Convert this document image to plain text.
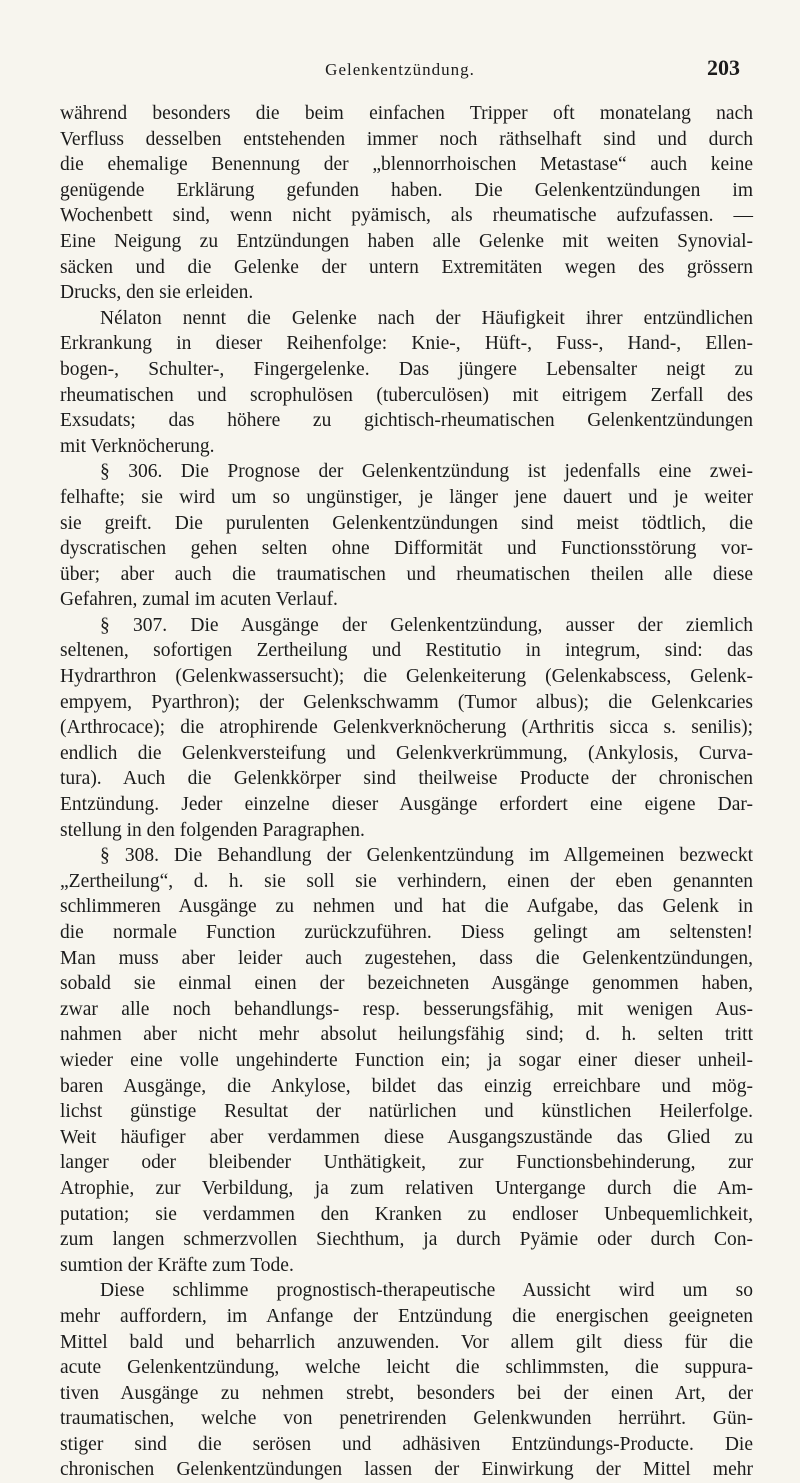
Gelenkentzündung.	203
während besonders die beim einfachen Tripper oft monatelang nach
Verfluss desselben entstehenden immer noch räthselhaft sind und durch
die ehemalige Benennung der „blennorrhoischen Metastase“ auch keine
genügende Erklärung gefunden haben. Die Gelenkentzündungen im
Wochenbett sind, wenn nicht pyämisch, als rheumatische aufzufassen. —
Eine Neigung zu Entzündungen haben alle Gelenke mit weiten Synovial-
säcken und die Gelenke der untern Extremitäten wegen des grössern
Drucks, den sie erleiden.
Nélaton nennt die Gelenke nach der Häufigkeit ihrer entzündlichen
Erkrankung in dieser Reihenfolge: Knie-, Hüft-, Fuss-, Hand-, Ellen-
bogen-, Schulter-, Fingergelenke. Das jüngere Lebensalter neigt zu
rheumatischen und scrophulösen (tuberculösen) mit eitrigem Zerfall des
Exsudats; das höhere zu gichtisch-rheumatischen Gelenkentzündungen
mit Verknöcherung.
§ 306. Die Prognose der Gelenkentzündung ist jedenfalls eine zwei-
felhafte; sie wird um so ungünstiger, je länger jene dauert und je weiter
sie greift. Die purulenten Gelenkentzündungen sind meist tödtlich, die
dyscratischen gehen selten ohne Difformität und Functionsstörung vor-
über; aber auch die traumatischen und rheumatischen theilen alle diese
Gefahren, zumal im acuten Verlauf.
§ 307. Die Ausgänge der Gelenkentzündung, ausser der ziemlich
seltenen, sofortigen Zertheilung und Restitutio in integrum, sind: das
Hydrarthron (Gelenkwassersucht); die Gelenkeiterung (Gelenkabscess, Gelenk-
empyem, Pyarthron); der Gelenkschwamm (Tumor albus); die Gelenkcaries
(Arthrocace); die atrophirende Gelenkverknöcherung (Arthritis sicca s. senilis);
endlich die Gelenkversteifung und Gelenkverkrümmung, (Ankylosis, Curva-
tura). Auch die Gelenkkörper sind theilweise Producte der chronischen
Entzündung. Jeder einzelne dieser Ausgänge erfordert eine eigene Dar-
stellung in den folgenden Paragraphen.
§ 308. Die Behandlung der Gelenkentzündung im Allgemeinen bezweckt
„Zertheilung“, d. h. sie soll sie verhindern, einen der eben genannten
schlimmeren Ausgänge zu nehmen und hat die Aufgabe, das Gelenk in
die normale Function zurückzuführen. Diess gelingt am seltensten!
Man muss aber leider auch zugestehen, dass die Gelenkentzündungen,
sobald sie einmal einen der bezeichneten Ausgänge genommen haben,
zwar alle noch behandlungs- resp. besserungsfähig, mit wenigen Aus-
nahmen aber nicht mehr absolut heilungsfähig sind; d. h. selten tritt
wieder eine volle ungehinderte Function ein; ja sogar einer dieser unheil-
baren Ausgänge, die Ankylose, bildet das einzig erreichbare und mög-
lichst günstige Resultat der natürlichen und künstlichen Heilerfolge.
Weit häufiger aber verdammen diese Ausgangszustände das Glied zu
langer oder bleibender Unthätigkeit, zur Functionsbehinderung, zur
Atrophie, zur Verbildung, ja zum relativen Untergange durch die Am-
putation; sie verdammen den Kranken zu endloser Unbequemlichkeit,
zum langen schmerzvollen Siechthum, ja durch Pyämie oder durch Con-
sumtion der Kräfte zum Tode.
Diese schlimme prognostisch-therapeutische Aussicht wird um so
mehr auffordern, im Anfange der Entzündung die energischen geeigneten
Mittel bald und beharrlich anzuwenden. Vor allem gilt diess für die
acute Gelenkentzündung, welche leicht die schlimmsten, die suppura-
tiven Ausgänge zu nehmen strebt, besonders bei der einen Art, der
traumatischen, welche von penetrirenden Gelenkwunden herrührt. Gün-
stiger sind die serösen und adhäsiven Entzündungs-Producte. Die
chronischen Gelenkentzündungen lassen der Einwirkung der Mittel mehr
